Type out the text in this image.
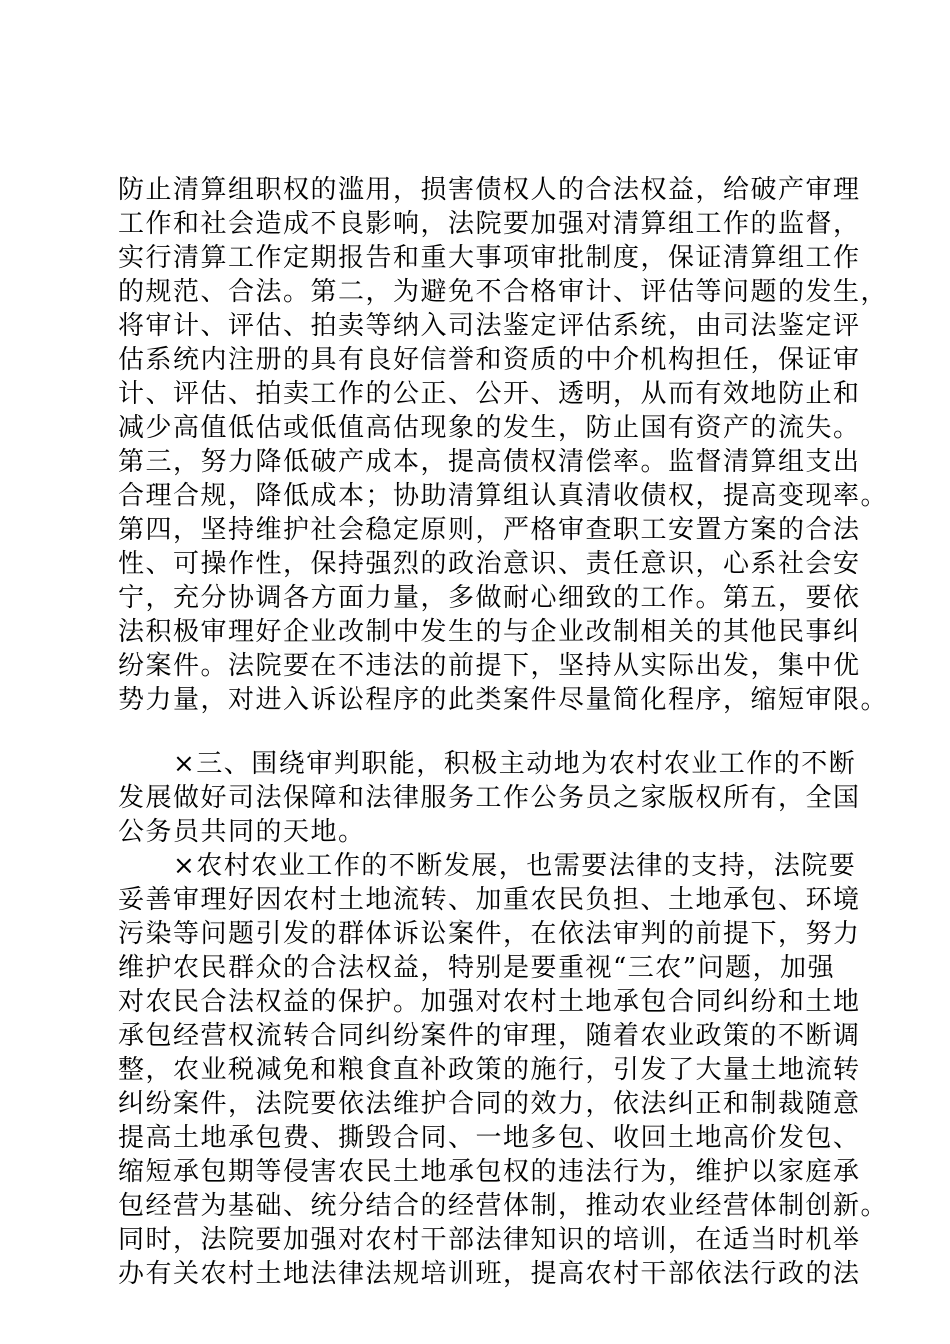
防止清算组职权的滥用，损害债权人的合法权益，给破产审理
工作和社会造成不良影响，法院要加强对清算组工作的监督，
实行清算工作定期报告和重大事项审批制度，保证清算组工作
的规范、合法。第二，为避免不合格审计、评估等问题的发生，
将审计、评估、拍卖等纳入司法鉴定评估系统，由司法鉴定评
估系统内注册的具有良好信誉和资质的中介机构担任，保证审
计、评估、拍卖工作的公正、公开、透明，从而有效地防止和
减少高值低估或低值高估现象的发生，防止国有资产的流失。
第三，努力降低破产成本，提高债权清偿率。监督清算组支出
合理合规，降低成本；协助清算组认真清收债权，提高变现率。
第四，坚持维护社会稳定原则，严格审查职工安置方案的合法
性、可操作性，保持强烈的政治意识、责任意识，心系社会安
宁，充分协调各方面力量，多做耐心细致的工作。第五，要依
法积极审理好企业改制中发生的与企业改制相关的其他民事纠
纷案件。法院要在不违法的前提下，坚持从实际出发，集中优
势力量，对进入诉讼程序的此类案件尽量简化程序，缩短审限。
　　×三、围绕审判职能，积极主动地为农村农业工作的不断
发展做好司法保障和法律服务工作公务员之家版权所有，全国
公务员共同的天地。
　　×农村农业工作的不断发展，也需要法律的支持，法院要
妥善审理好因农村土地流转、加重农民负担、土地承包、环境
污染等问题引发的群体诉讼案件，在依法审判的前提下，努力
维护农民群众的合法权益，特别是要重视“三农”问题，加强
对农民合法权益的保护。加强对农村土地承包合同纠纷和土地
承包经营权流转合同纠纷案件的审理，随着农业政策的不断调
整，农业税减免和粮食直补政策的施行，引发了大量土地流转
纠纷案件，法院要依法维护合同的效力，依法纠正和制裁随意
提高土地承包费、撕毁合同、一地多包、收回土地高价发包、
缩短承包期等侵害农民土地承包权的违法行为，维护以家庭承
包经营为基础、统分结合的经营体制，推动农业经营体制创新。
同时，法院要加强对农村干部法律知识的培训，在适当时机举
办有关农村土地法律法规培训班，提高农村干部依法行政的法
